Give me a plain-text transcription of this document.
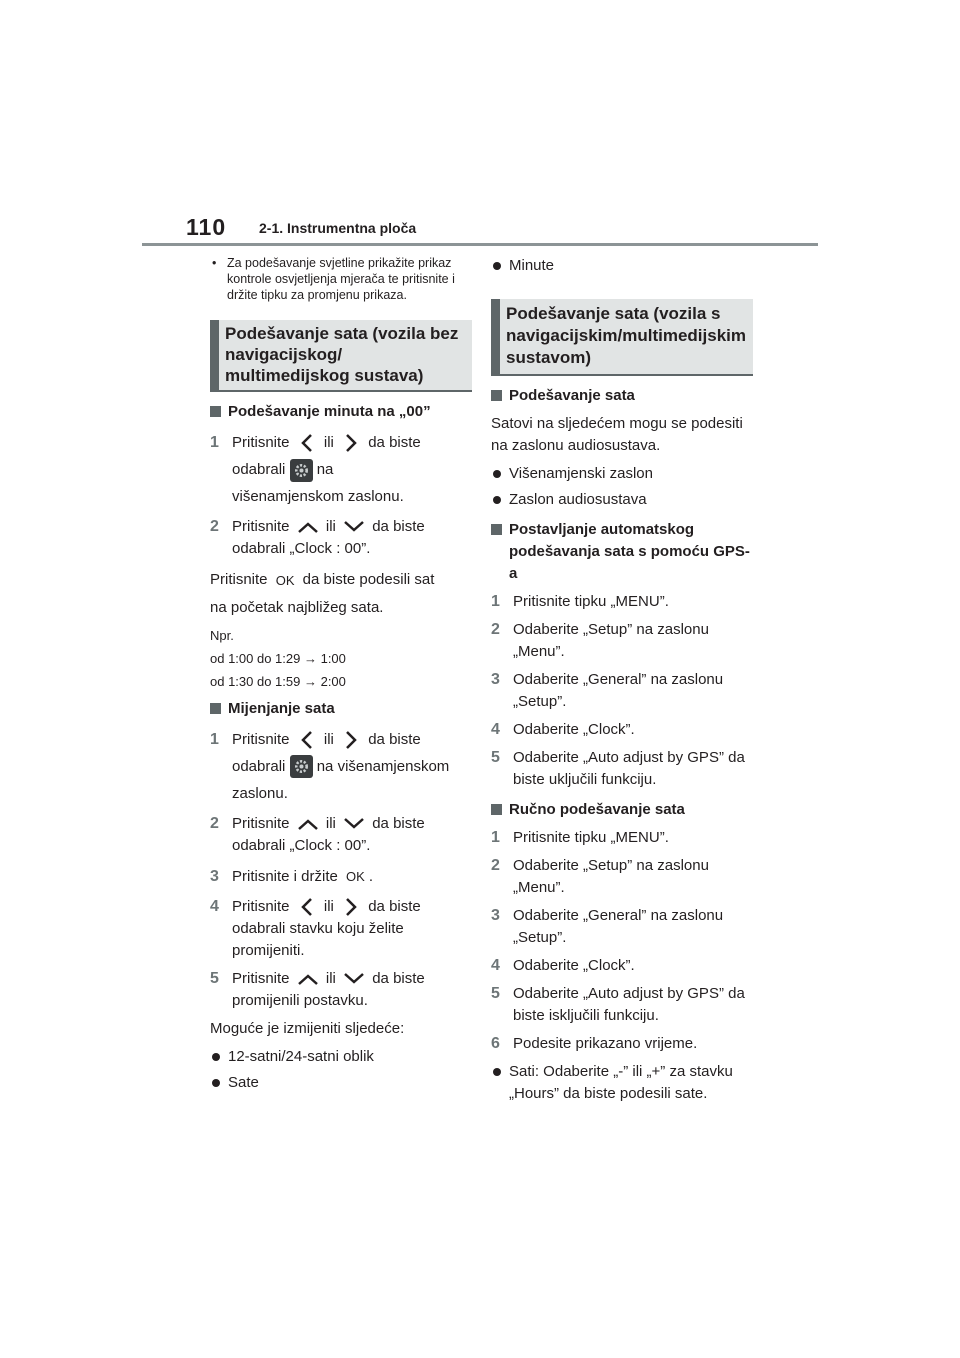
110 2-1. Instrumentna ploča
• Za podešavanje svjetline prikažite prikaz kontrole osvjetljenja mjerača te pritisnite i držite tipku za promjenu prikaza.
Podešavanje sata (vozila bez navigacijskog/ multimedijskog sustava)
Podešavanje minuta na „00”
1 Pritisnite ili da biste
odabrali na
višenamjenskom zaslonu.
2 Pritisnite ili da biste
odabrali „Clock : 00”.
Pritisnite OK da biste podesili sat
na početak najbližeg sata.
Npr.
od 1:00 do 1:29 → 1:00
od 1:30 do 1:59 → 2:00
Mijenjanje sata
1 Pritisnite ili da biste
odabrali na višenamjenskom
zaslonu.
2 Pritisnite ili da biste
odabrali „Clock : 00”.
3 Pritisnite i držite OK .
4 Pritisnite ili da biste
odabrali stavku koju želite promijeniti.
5 Pritisnite ili da biste
promijenili postavku.
Moguće je izmijeniti sljedeće:
12-satni/24-satni oblik
Sate
Minute
Podešavanje sata (vozila s navigacijskim/multimedijskim sustavom)
Podešavanje sata
Satovi na sljedećem mogu se podesiti na zaslonu audiosustava.
Višenamjenski zaslon
Zaslon audiosustava
Postavljanje automatskog podešavanja sata s pomoću GPS-a
1 Pritisnite tipku „MENU”.
2 Odaberite „Setup” na zaslonu „Menu”.
3 Odaberite „General” na zaslonu „Setup”.
4 Odaberite „Clock”.
5 Odaberite „Auto adjust by GPS” da biste uključili funkciju.
Ručno podešavanje sata
1 Pritisnite tipku „MENU”.
2 Odaberite „Setup” na zaslonu „Menu”.
3 Odaberite „General” na zaslonu „Setup”.
4 Odaberite „Clock”.
5 Odaberite „Auto adjust by GPS” da biste isključili funkciju.
6 Podesite prikazano vrijeme.
Sati: Odaberite „-” ili „+” za stavku „Hours” da biste podesili sate.
